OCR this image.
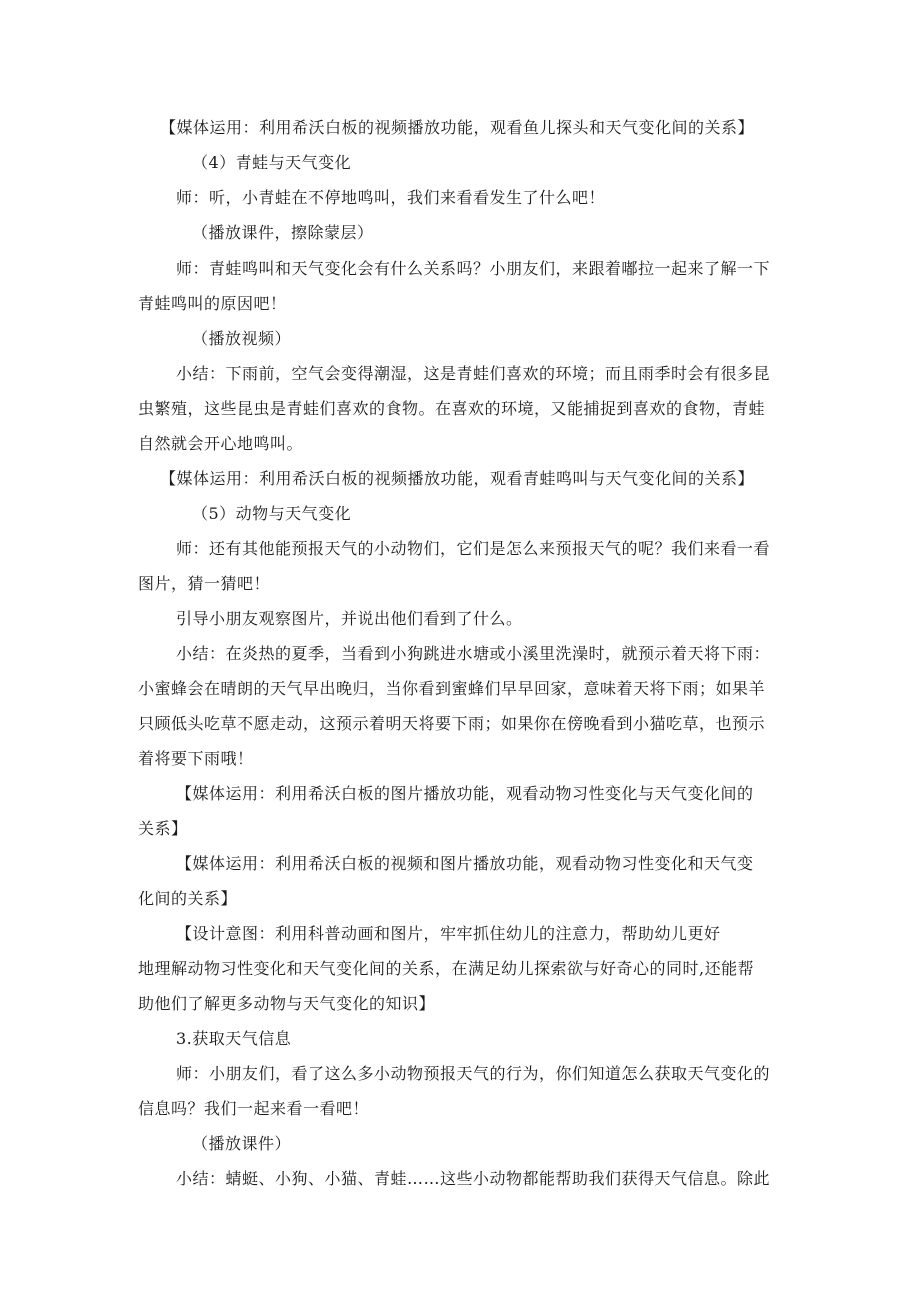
【媒体运用：利用希沃白板的视频播放功能，观看鱼儿探头和天气变化间的关系】
（4）青蛙与天气变化
师：听，小青蛙在不停地鸣叫，我们来看看发生了什么吧！
（播放课件，擦除蒙层）
师：青蛙鸣叫和天气变化会有什么关系吗？小朋友们，来跟着嘟拉一起来了解一下
青蛙鸣叫的原因吧！
（播放视频）
小结：下雨前，空气会变得潮湿，这是青蛙们喜欢的环境；而且雨季时会有很多昆
虫繁殖，这些昆虫是青蛙们喜欢的食物。在喜欢的环境，又能捕捉到喜欢的食物，青蛙
自然就会开心地鸣叫。
【媒体运用：利用希沃白板的视频播放功能，观看青蛙鸣叫与天气变化间的关系】
（5）动物与天气变化
师：还有其他能预报天气的小动物们，它们是怎么来预报天气的呢？我们来看一看
图片，猜一猜吧！
引导小朋友观察图片，并说出他们看到了什么。
小结：在炎热的夏季，当看到小狗跳进水塘或小溪里洗澡时，就预示着天将下雨：
小蜜蜂会在晴朗的天气早出晚归，当你看到蜜蜂们早早回家，意味着天将下雨；如果羊
只顾低头吃草不愿走动，这预示着明天将要下雨；如果你在傍晚看到小猫吃草，也预示
着将要下雨哦！
【媒体运用：利用希沃白板的图片播放功能，观看动物习性变化与天气变化间的
关系】
【媒体运用：利用希沃白板的视频和图片播放功能，观看动物习性变化和天气变
化间的关系】
【设计意图：利用科普动画和图片，牢牢抓住幼儿的注意力，帮助幼儿更好
地理解动物习性变化和天气变化间的关系，在满足幼儿探索欲与好奇心的同时,还能帮
助他们了解更多动物与天气变化的知识】
3.获取天气信息
师：小朋友们，看了这么多小动物预报天气的行为，你们知道怎么获取天气变化的
信息吗？我们一起来看一看吧！
（播放课件）
小结：蜻蜓、小狗、小猫、青蛙……这些小动物都能帮助我们获得天气信息。除此
